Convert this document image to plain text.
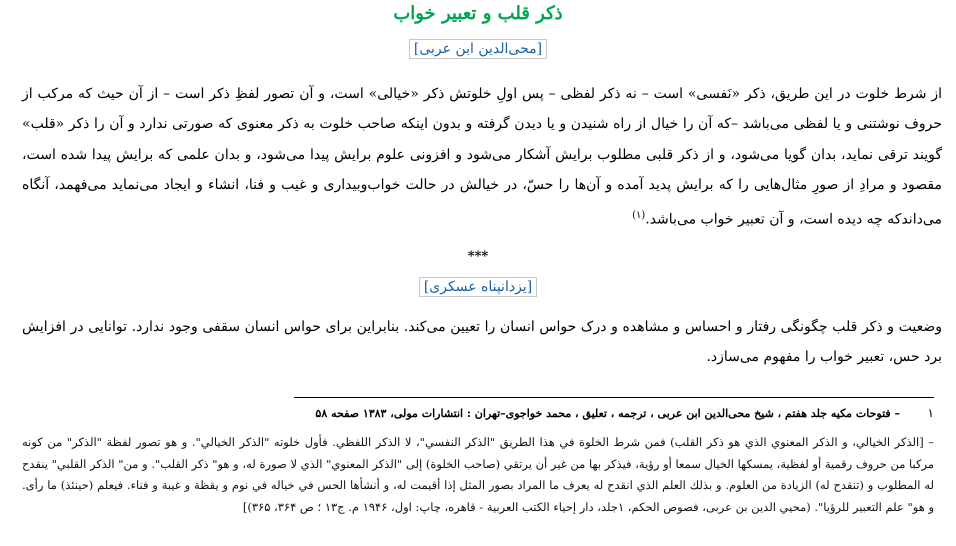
ذکر قلب و تعبیر خواب
[محی‌الدین ابن عربی]
از شرط خلوت در این طریق، ذکر «نَفسی» است – نه ذکر لفظی – پس اولِ خلوتش ذکر «خیالی» است، و آن تصور لفظِ ذکر است – از آن حیث که مرکب از حروف نوشتنی و یا لفظی می‌باشد –که آن را خیال از راه شنیدن و یا دیدن گرفته و بدون اینکه صاحب خلوت به ذکر معنوی که صورتی ندارد و آن را ذکر «قلب» گویند ترقی نماید، بدان گویا می‌شود، و از ذکر قلبی مطلوب برایش آشکار می‌شود و افزونی علوم برایش پیدا می‌شود، و بدان علمی که برایش پیدا شده است، مقصود و مرادِ از صورِ مثال‌هایی را که برایش پدید آمده و آن‌ها را حسّ، در خیالش در حالت خواب‌وبیداری و غیب و فنا، انشاء و ایجاد می‌نماید می‌فهمد، آنگاه می‌داندکه چه دیده است، و آن تعبیر خواب می‌باشد.$^{(۱)}$
***
[یزدانپناه عسکری]
وضعیت و ذکر قلب چگونگی رفتار و احساس و مشاهده و درک حواس انسان را تعیین می‌کند. بنابراین برای حواس انسان سقفی وجود ندارد. توانایی در افزایش برد حس، تعبیر خواب را مفهوم می‌سازد.
۱– فتوحات مکیه جلد هفتم ، شیخ محی‌الدین ابن عربی ، ترجمه ، تعلیق ، محمد خواجوی–تهران : انتشارات مولی، ۱۳۸۳ صفحه ۵۸
– [الذكر الخيالي، و الذكر المعنوي الذي هو ذكر القلب) فمن شرط الخلوة في هذا الطريق "الذكر النفسي"، لا الذكر اللفظي. فأول خلوته "الذكر الخيالي". و هو تصور لفظة "الذكر" من كونه مركبا من حروف رقمية أو لفظية، يمسكها الخيال سمعا أو رؤية، فيذكر بها من غير أن يرتقي (صاحب الخلوة) إلى "الذكر المعنوي" الذي لا صورة له، و هو" ذكر القلب". و من" الذكر القلبي" ينقدح له المطلوب و (تنقدح له) الزيادة من العلوم. و بذلك العلم الذي انقدح له يعرف ما المراد بصور المثل إذا أقيمت له، و أنشأها الحس في خياله في نوم و يقظة و غيبة و فناء. فيعلم (حينئذ) ما رأى. و هو" علم التعبير للرؤيا". (محيي الدين بن عربى، فصوص الحكم، ۱جلد، دار إحياء الكتب العربية - قاهره، چاپ: اول، ۱۹۴۶ م. ج۱۳ ؛ ص ۳۶۴، ۳۶۵)]
